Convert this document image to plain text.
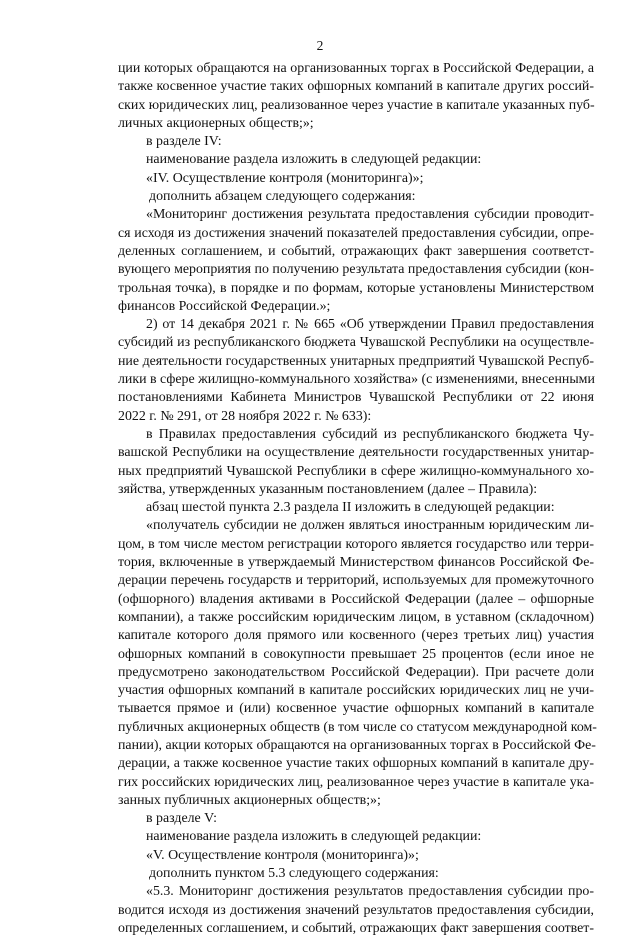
2
ции которых обращаются на организованных торгах в Российской Федерации, а
также косвенное участие таких офшорных компаний в капитале других россий-
ских юридических лиц, реализованное через участие в капитале указанных пуб-
личных акционерных обществ;»;
в разделе IV:
наименование раздела изложить в следующей редакции:
«IV. Осуществление контроля (мониторинга)»;
дополнить абзацем следующего содержания:
«Мониторинг достижения результата предоставления субсидии проводит-
ся исходя из достижения значений показателей предоставления субсидии, опре-
деленных соглашением, и событий, отражающих факт завершения соответст-
вующего мероприятия по получению результата предоставления субсидии (кон-
трольная точка), в порядке и по формам, которые установлены Министерством
финансов Российской Федерации.»;
2) от 14 декабря 2021 г. № 665 «Об утверждении Правил предоставления
субсидий из республиканского бюджета Чувашской Республики на осуществле-
ние деятельности государственных унитарных предприятий Чувашской Респуб-
лики в сфере жилищно-коммунального хозяйства» (с изменениями, внесенными
постановлениями Кабинета Министров Чувашской Республики от 22 июня
2022 г. № 291, от 28 ноября 2022 г. № 633):
в Правилах предоставления субсидий из республиканского бюджета Чу-
вашской Республики на осуществление деятельности государственных унитар-
ных предприятий Чувашской Республики в сфере жилищно-коммунального хо-
зяйства, утвержденных указанным постановлением (далее – Правила):
абзац шестой пункта 2.3 раздела II изложить в следующей редакции:
«получатель субсидии не должен являться иностранным юридическим ли-
цом, в том числе местом регистрации которого является государство или терри-
тория, включенные в утверждаемый Министерством финансов Российской Фе-
дерации перечень государств и территорий, используемых для промежуточного
(офшорного) владения активами в Российской Федерации (далее – офшорные
компании), а также российским юридическим лицом, в уставном (складочном)
капитале которого доля прямого или косвенного (через третьих лиц) участия
офшорных компаний в совокупности превышает 25 процентов (если иное не
предусмотрено законодательством Российской Федерации). При расчете доли
участия офшорных компаний в капитале российских юридических лиц не учи-
тывается прямое и (или) косвенное участие офшорных компаний в капитале
публичных акционерных обществ (в том числе со статусом международной ком-
пании), акции которых обращаются на организованных торгах в Российской Фе-
дерации, а также косвенное участие таких офшорных компаний в капитале дру-
гих российских юридических лиц, реализованное через участие в капитале ука-
занных публичных акционерных обществ;»;
в разделе V:
наименование раздела изложить в следующей редакции:
«V. Осуществление контроля (мониторинга)»;
дополнить пунктом 5.3 следующего содержания:
«5.3. Мониторинг достижения результатов предоставления субсидии про-
водится исходя из достижения значений результатов предоставления субсидии,
определенных соглашением, и событий, отражающих факт завершения соответ-
